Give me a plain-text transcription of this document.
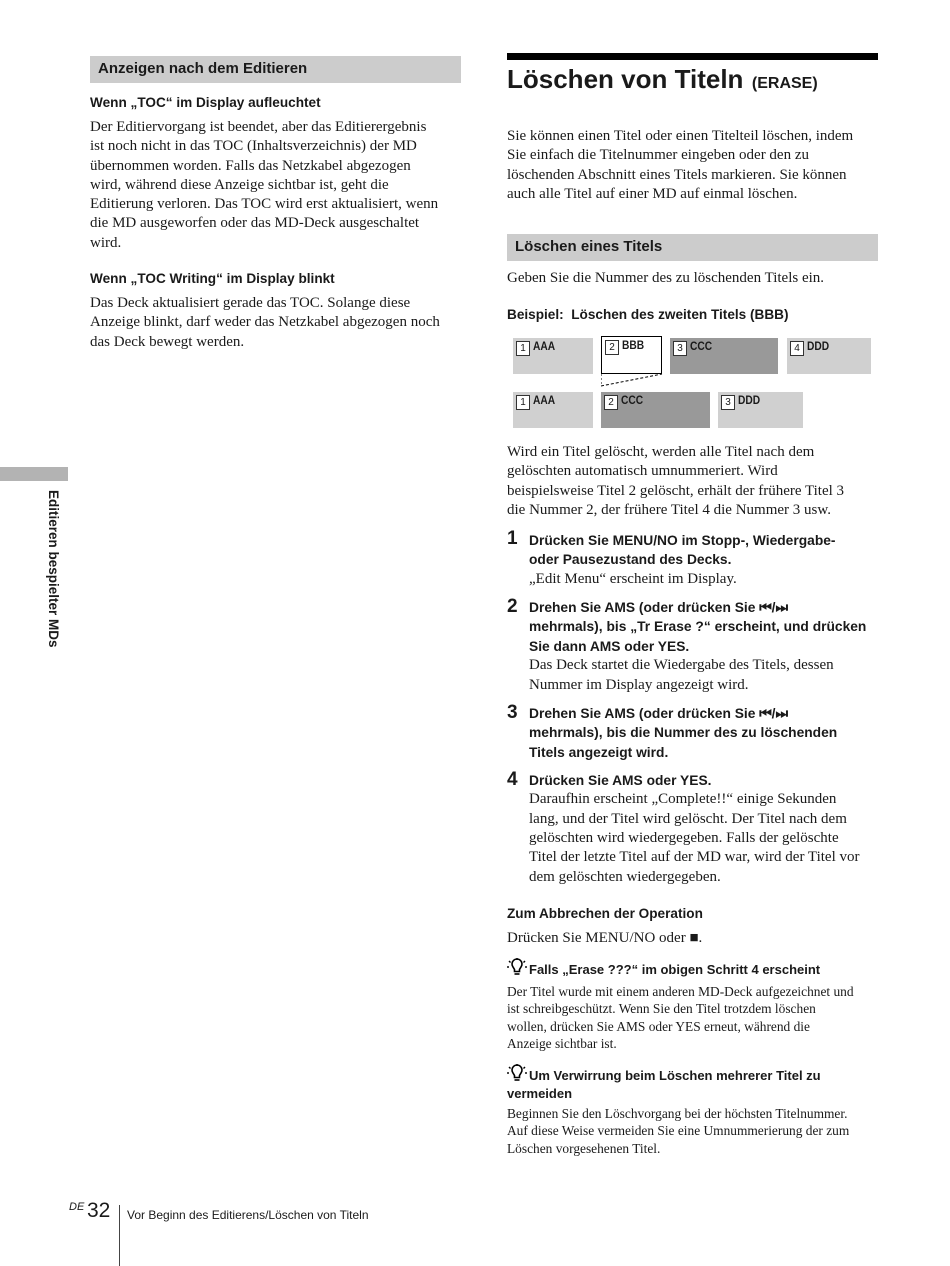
Anzeigen nach dem Editieren
Wenn „TOC“ im Display aufleuchtet
Der Editiervorgang ist beendet, aber das Editierergebnis
ist noch nicht in das TOC (Inhaltsverzeichnis) der MD
übernommen worden. Falls das Netzkabel abgezogen
wird, während diese Anzeige sichtbar ist, geht die
Editierung verloren. Das TOC wird erst aktualisiert, wenn
die MD ausgeworfen oder das MD-Deck ausgeschaltet
wird.
Wenn „TOC Writing“ im Display blinkt
Das Deck aktualisiert gerade das TOC. Solange diese
Anzeige blinkt, darf weder das Netzkabel abgezogen noch
das Deck bewegt werden.
Editieren bespielter MDs
Löschen von Titeln (ERASE)
Sie können einen Titel oder einen Titelteil löschen, indem
Sie einfach die Titelnummer eingeben oder den zu
löschenden Abschnitt eines Titels markieren. Sie können
auch alle Titel auf einer MD auf einmal löschen.
Löschen eines Titels
Geben Sie die Nummer des zu löschenden Titels ein.
Beispiel:  Löschen des zweiten Titels (BBB)
1 AAA	2 BBB	3 CCC	4 DDD
1 AAA	2 CCC	3 DDD
Wird ein Titel gelöscht, werden alle Titel nach dem
gelöschten automatisch umnummeriert. Wird
beispielsweise Titel 2 gelöscht, erhält der frühere Titel 3
die Nummer 2, der frühere Titel 4 die Nummer 3 usw.
1 Drücken Sie MENU/NO im Stopp-, Wiedergabe-
oder Pausezustand des Decks.
„Edit Menu“ erscheint im Display.
2 Drehen Sie AMS (oder drücken Sie ⏮/⏭
mehrmals), bis „Tr Erase ?“ erscheint, und drücken
Sie dann AMS oder YES.
Das Deck startet die Wiedergabe des Titels, dessen
Nummer im Display angezeigt wird.
3 Drehen Sie AMS (oder drücken Sie ⏮/⏭
mehrmals), bis die Nummer des zu löschenden
Titels angezeigt wird.
4 Drücken Sie AMS oder YES.
Daraufhin erscheint „Complete!!“ einige Sekunden
lang, und der Titel wird gelöscht. Der Titel nach dem
gelöschten wird wiedergegeben. Falls der gelöschte
Titel der letzte Titel auf der MD war, wird der Titel vor
dem gelöschten wiedergegeben.
Zum Abbrechen der Operation
Drücken Sie MENU/NO oder ■.
Falls „Erase ???“ im obigen Schritt 4 erscheint
Der Titel wurde mit einem anderen MD-Deck aufgezeichnet und
ist schreibgeschützt. Wenn Sie den Titel trotzdem löschen
wollen, drücken Sie AMS oder YES erneut, während die
Anzeige sichtbar ist.
Um Verwirrung beim Löschen mehrerer Titel zu
vermeiden
Beginnen Sie den Löschvorgang bei der höchsten Titelnummer.
Auf diese Weise vermeiden Sie eine Umnummerierung der zum
Löschen vorgesehenen Titel.
DE 32 Vor Beginn des Editierens/Löschen von Titeln
